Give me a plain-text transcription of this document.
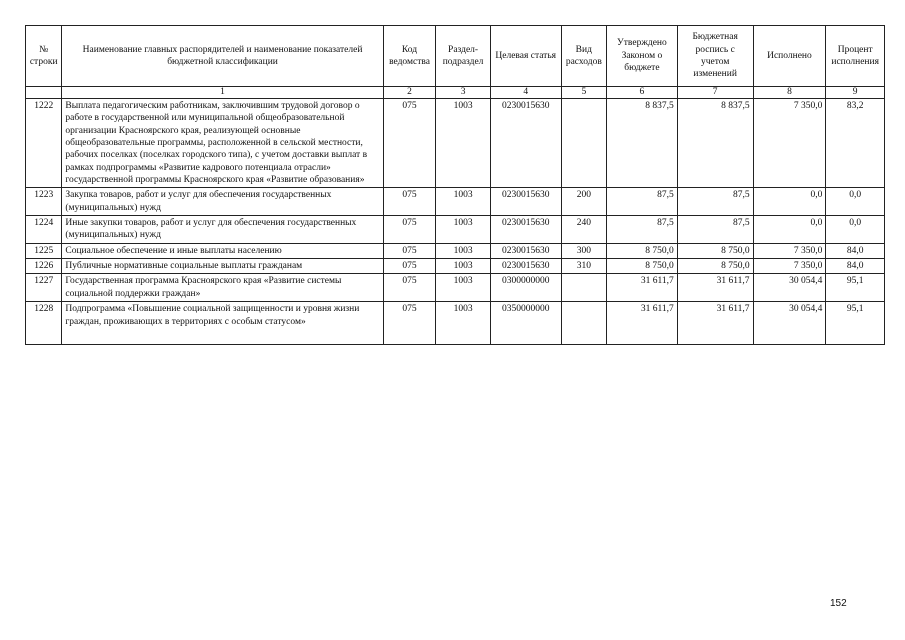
№ строки	Наименование главных распорядителей и наименование показателей бюджетной классификации	Код ведомства	Раздел-подраздел	Целевая статья	Вид расходов	Утверждено Законом о бюджете	Бюджетная роспись с учетом изменений	Исполнено	Процент исполнения
	1	2	3	4	5	6	7	8	9
1222	Выплата педагогическим работникам, заключившим трудовой договор о работе в государственной или муниципальной общеобразовательной организации Красноярского края, реализующей основные общеобразовательные программы, расположенной в сельской местности, рабочих поселках (поселках городского типа), с учетом доставки выплат в рамках подпрограммы «Развитие кадрового потенциала отрасли» государственной программы Красноярского края «Развитие образования»	075	1003	0230015630		8 837,5	8 837,5	7 350,0	83,2
1223	Закупка товаров, работ и услуг для обеспечения государственных (муниципальных) нужд	075	1003	0230015630	200	87,5	87,5	0,0	0,0
1224	Иные закупки товаров, работ и услуг для обеспечения государственных (муниципальных) нужд	075	1003	0230015630	240	87,5	87,5	0,0	0,0
1225	Социальное обеспечение и иные выплаты населению	075	1003	0230015630	300	8 750,0	8 750,0	7 350,0	84,0
1226	Публичные нормативные социальные выплаты гражданам	075	1003	0230015630	310	8 750,0	8 750,0	7 350,0	84,0
1227	Государственная программа Красноярского края «Развитие системы социальной поддержки граждан»	075	1003	0300000000		31 611,7	31 611,7	30 054,4	95,1
1228	Подпрограмма «Повышение социальной защищенности и уровня жизни граждан, проживающих в территориях с особым статусом»	075	1003	0350000000		31 611,7	31 611,7	30 054,4	95,1
152
